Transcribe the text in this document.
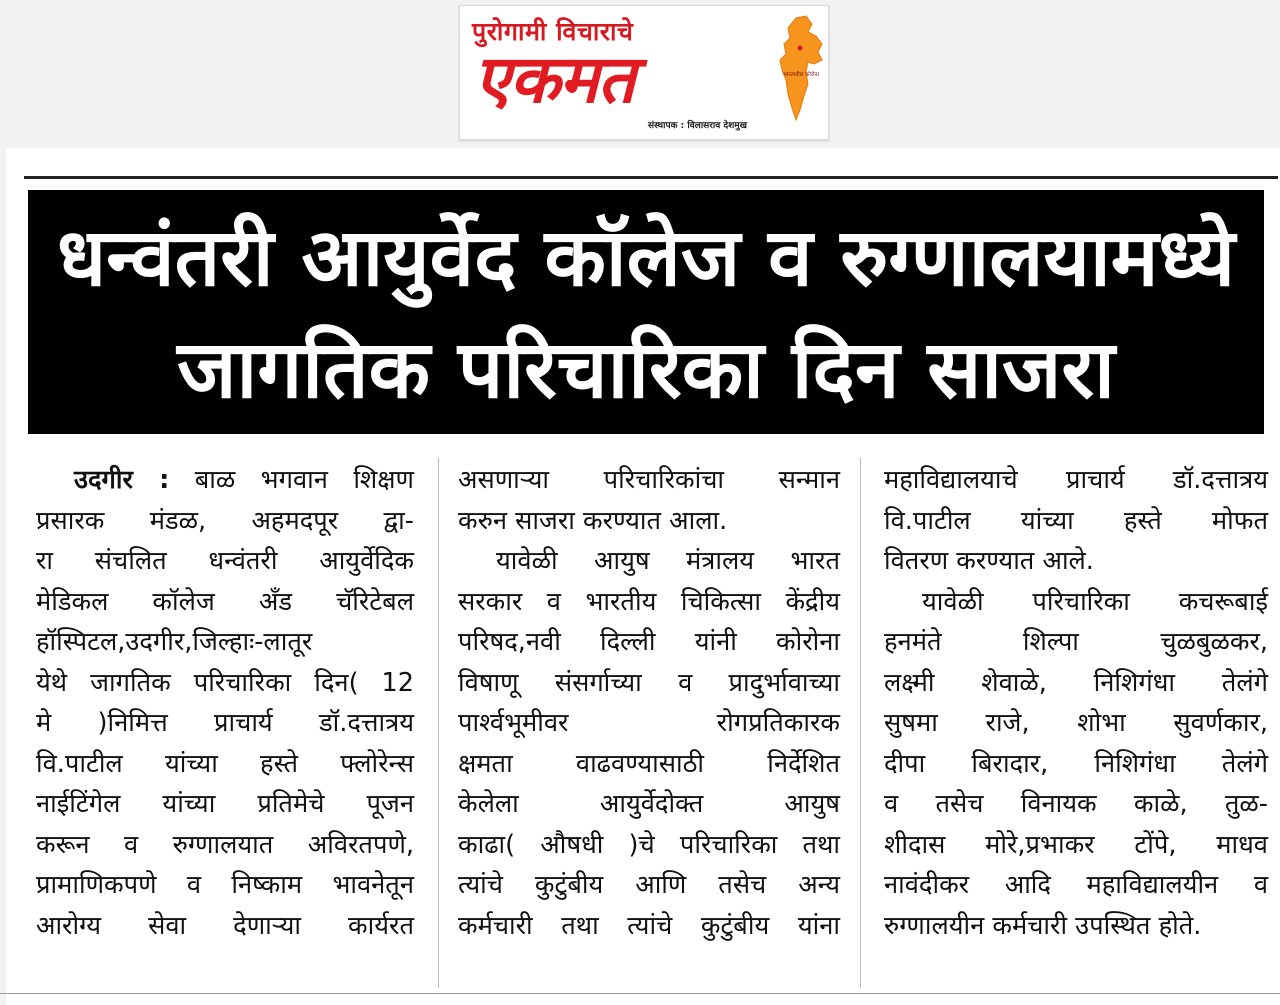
पुरोगामी विचाराचे
एकमत	भारतातील कोरोना
संस्थापक : विलासराव देशमुख
धन्वंतरी आयुर्वेद कॉलेज व रुग्णालयामध्ये
जागतिक परिचारिका दिन साजरा
उदगीर : बाळ भगवान शिक्षण
प्रसारक मंडळ, अहमदपूर द्वा-
रा संचलित धन्वंतरी आयुर्वेदिक
मेडिकल कॉलेज अँड चॅरिटेबल
हॉस्पिटल,उदगीर,जिल्हाः-लातूर
येथे जागतिक परिचारिका दिन( 12
मे )निमित्त प्राचार्य डॉ.दत्तात्रय
वि.पाटील यांच्या हस्ते फ्लोरेन्स
नाईटिंगेल यांच्या प्रतिमेचे पूजन
करून व रुग्णालयात अविरतपणे,
प्रामाणिकपणे व निष्काम भावनेतून
आरोग्य सेवा देणाऱ्या कार्यरत
असणाऱ्या परिचारिकांचा सन्मान
करुन साजरा करण्यात आला.
यावेळी आयुष मंत्रालय भारत
सरकार व भारतीय चिकित्सा केंद्रीय
परिषद,नवी दिल्ली यांनी कोरोना
विषाणू संसर्गाच्या व प्रादुर्भावाच्या
पार्श्वभूमीवर रोगप्रतिकारक
क्षमता वाढवण्यासाठी निर्देशित
केलेला आयुर्वेदोक्त आयुष
काढा( औषधी )चे परिचारिका तथा
त्यांचे कुटुंबीय आणि तसेच अन्य
कर्मचारी तथा त्यांचे कुटुंबीय यांना
महाविद्यालयाचे प्राचार्य डॉ.दत्तात्रय
वि.पाटील यांच्या हस्ते मोफत
वितरण करण्यात आले.
यावेळी परिचारिका कचरूबाई
हनमंते शिल्पा चुळबुळकर,
लक्ष्मी शेवाळे, निशिगंधा तेलंगे
सुषमा राजे, शोभा सुवर्णकार,
दीपा बिरादार, निशिगंधा तेलंगे
व तसेच विनायक काळे, तुळ-
शीदास मोरे,प्रभाकर टोंपे, माधव
नावंदीकर आदि महाविद्यालयीन व
रुग्णालयीन कर्मचारी उपस्थित होते.
